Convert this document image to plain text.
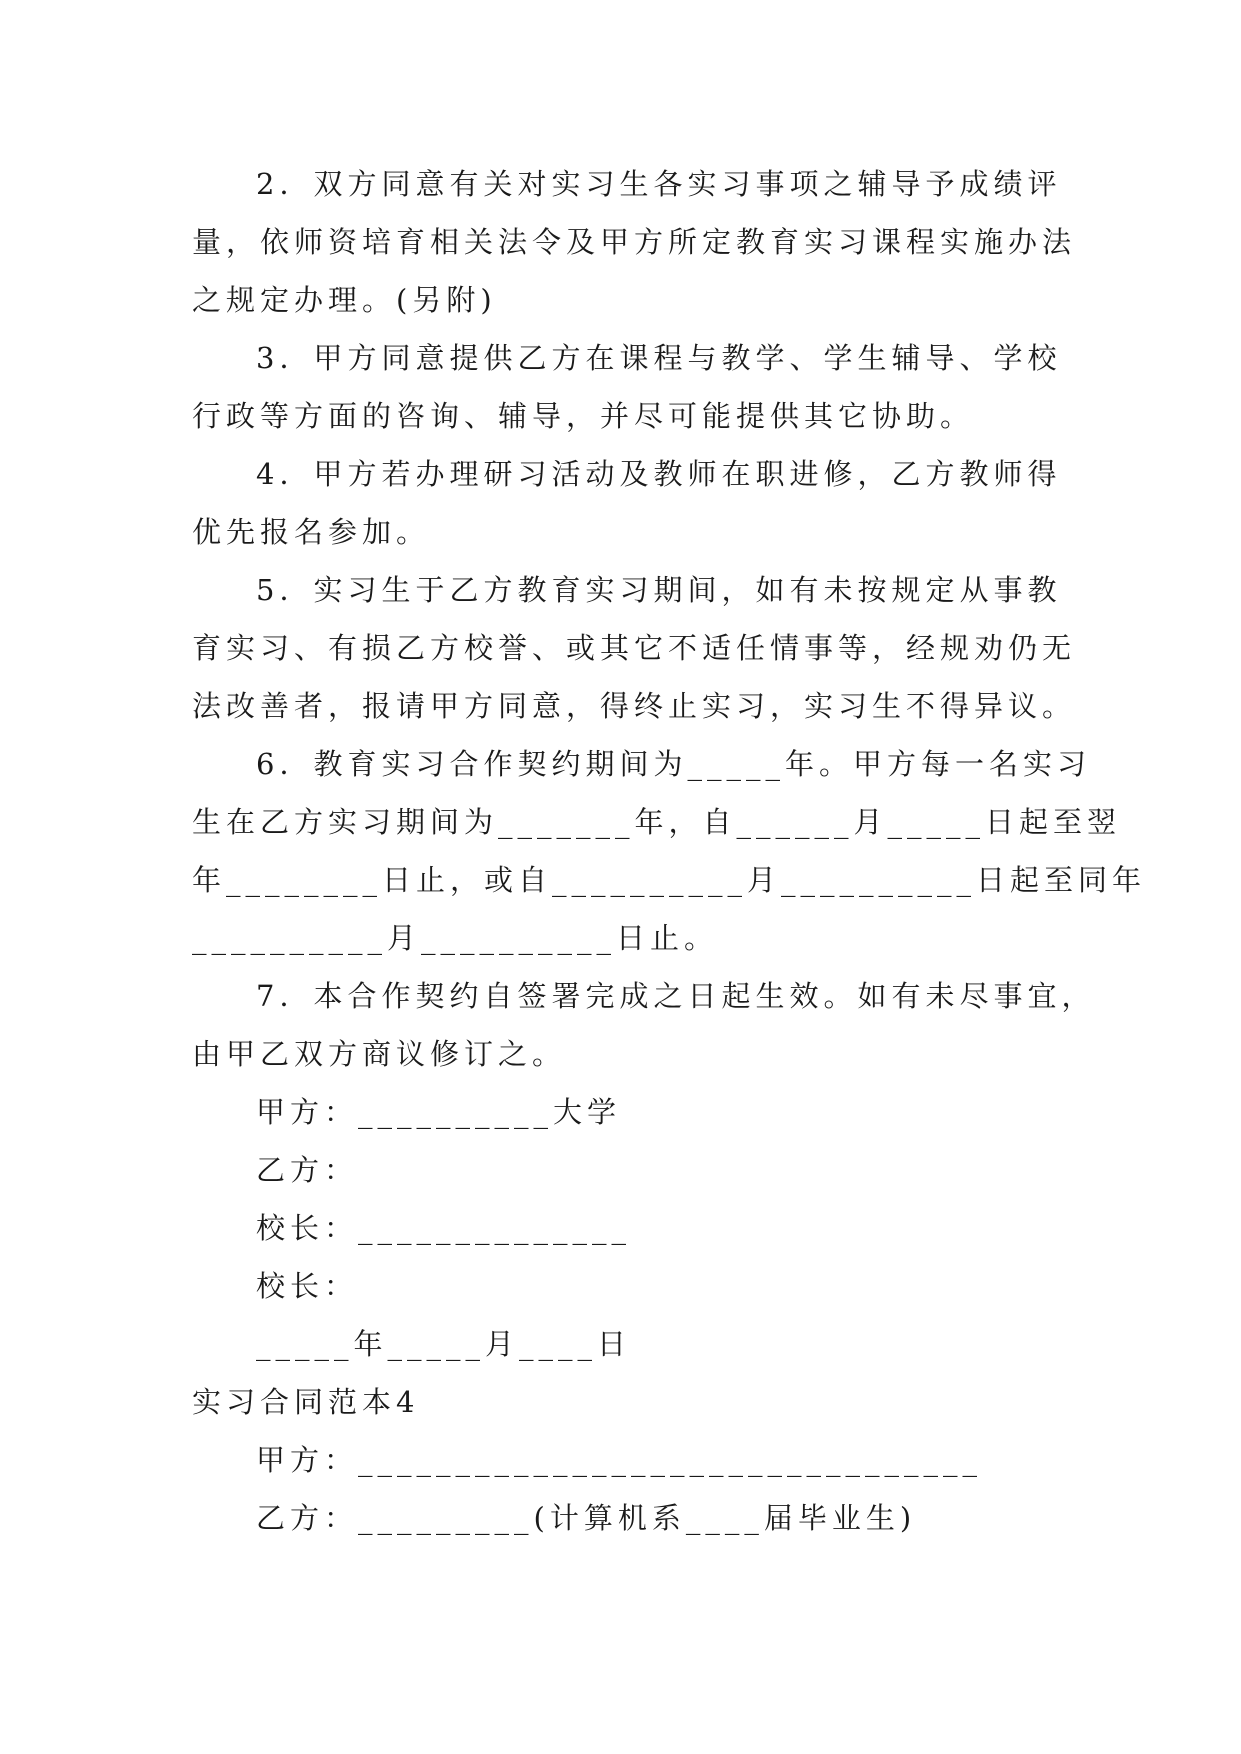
2．双方同意有关对实习生各实习事项之辅导予成绩评
量，依师资培育相关法令及甲方所定教育实习课程实施办法
之规定办理。(另附)
3．甲方同意提供乙方在课程与教学、学生辅导、学校
行政等方面的咨询、辅导，并尽可能提供其它协助。
4．甲方若办理研习活动及教师在职进修，乙方教师得
优先报名参加。
5．实习生于乙方教育实习期间，如有未按规定从事教
育实习、有损乙方校誉、或其它不适任情事等，经规劝仍无
法改善者，报请甲方同意，得终止实习，实习生不得异议。
6．教育实习合作契约期间为_____年。甲方每一名实习
生在乙方实习期间为_______年，自______月_____日起至翌
年________日止，或自__________月__________日起至同年
__________月__________日止。
7．本合作契约自签署完成之日起生效。如有未尽事宜，
由甲乙双方商议修订之。
甲方：__________大学
乙方：
校长：______________
校长：
_____年_____月____日
实习合同范本4
甲方：________________________________
乙方：_________(计算机系____届毕业生)
